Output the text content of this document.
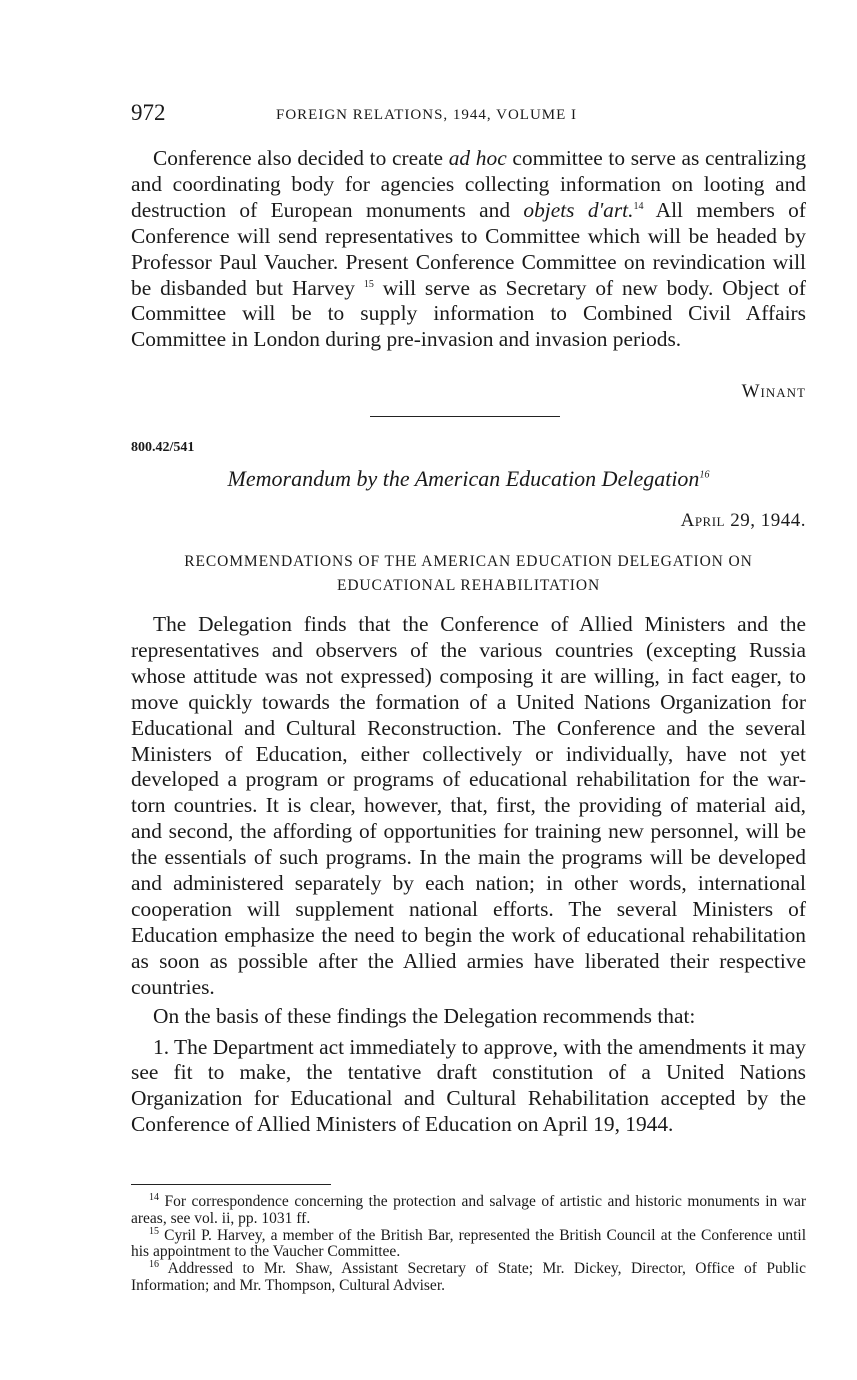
972	FOREIGN RELATIONS, 1944, VOLUME I

Conference also decided to create ad hoc committee to serve as centralizing and coordinating body for agencies collecting information on looting and destruction of European monuments and objets d'art.$^{14}$ All members of Conference will send representatives to Committee which will be headed by Professor Paul Vaucher. Present Conference Committee on revindication will be disbanded but Harvey $^{15}$ will serve as Secretary of new body. Object of Committee will be to supply information to Combined Civil Affairs Committee in London during pre-invasion and invasion periods.

Winant
800.42/541
Memorandum by the American Education Delegation$^{16}$
April 29, 1944.
RECOMMENDATIONS OF THE AMERICAN EDUCATION DELEGATION ON
EDUCATIONAL REHABILITATION

The Delegation finds that the Conference of Allied Ministers and the representatives and observers of the various countries (excepting Russia whose attitude was not expressed) composing it are willing, in fact eager, to move quickly towards the formation of a United Nations Organization for Educational and Cultural Reconstruction. The Conference and the several Ministers of Education, either collectively or individually, have not yet developed a program or programs of educational rehabilitation for the war-torn countries. It is clear, however, that, first, the providing of material aid, and second, the affording of opportunities for training new personnel, will be the essentials of such programs. In the main the programs will be developed and administered separately by each nation; in other words, international cooperation will supplement national efforts. The several Ministers of Education emphasize the need to begin the work of educational rehabilitation as soon as possible after the Allied armies have liberated their respective countries.

On the basis of these findings the Delegation recommends that:

1. The Department act immediately to approve, with the amendments it may see fit to make, the tentative draft constitution of a United Nations Organization for Educational and Cultural Rehabilitation accepted by the Conference of Allied Ministers of Education on April 19, 1944.

$^{14}$ For correspondence concerning the protection and salvage of artistic and historic monuments in war areas, see vol. ii, pp. 1031 ff.

$^{15}$ Cyril P. Harvey, a member of the British Bar, represented the British Council at the Conference until his appointment to the Vaucher Committee.

$^{16}$ Addressed to Mr. Shaw, Assistant Secretary of State; Mr. Dickey, Director, Office of Public Information; and Mr. Thompson, Cultural Adviser.
